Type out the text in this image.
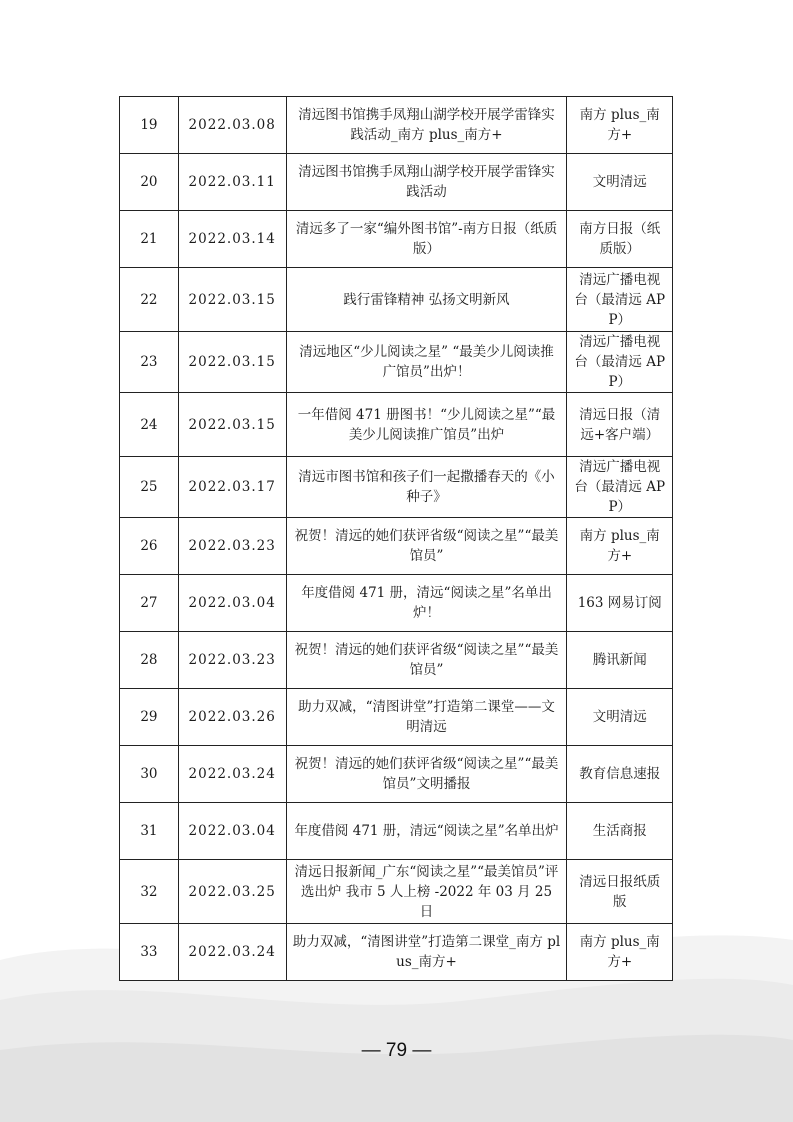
19	2022.03.08	清远图书馆携手凤翔山湖学校开展学雷锋实践活动_南方 plus_南方+	南方 plus_南方+
20	2022.03.11	清远图书馆携手凤翔山湖学校开展学雷锋实践活动	文明清远
21	2022.03.14	清远多了一家“编外图书馆”-南方日报（纸质版）	南方日报（纸质版）
22	2022.03.15	践行雷锋精神 弘扬文明新风	清远广播电视台（最清远 APP）
23	2022.03.15	清远地区“少儿阅读之星” “最美少儿阅读推广馆员”出炉！	清远广播电视台（最清远 APP）
24	2022.03.15	一年借阅 471 册图书！“少儿阅读之星”“最美少儿阅读推广馆员”出炉	清远日报（清远+客户端）
25	2022.03.17	清远市图书馆和孩子们一起撒播春天的《小种子》	清远广播电视台（最清远 APP）
26	2022.03.23	祝贺！清远的她们获评省级“阅读之星”“最美馆员”	南方 plus_南方+
27	2022.03.04	年度借阅 471 册，清远“阅读之星”名单出炉！	163 网易订阅
28	2022.03.23	祝贺！清远的她们获评省级“阅读之星”“最美馆员”	腾讯新闻
29	2022.03.26	助力双减，“清图讲堂”打造第二课堂——文明清远	文明清远
30	2022.03.24	祝贺！清远的她们获评省级“阅读之星”“最美馆员”文明播报	教育信息速报
31	2022.03.04	年度借阅 471 册，清远“阅读之星”名单出炉	生活商报
32	2022.03.25	清远日报新闻_广东“阅读之星”“最美馆员”评选出炉 我市 5 人上榜 -2022 年 03 月 25 日	清远日报纸质版
33	2022.03.24	助力双减，“清图讲堂”打造第二课堂_南方 plus_南方+	南方 plus_南方+
— 79 —
